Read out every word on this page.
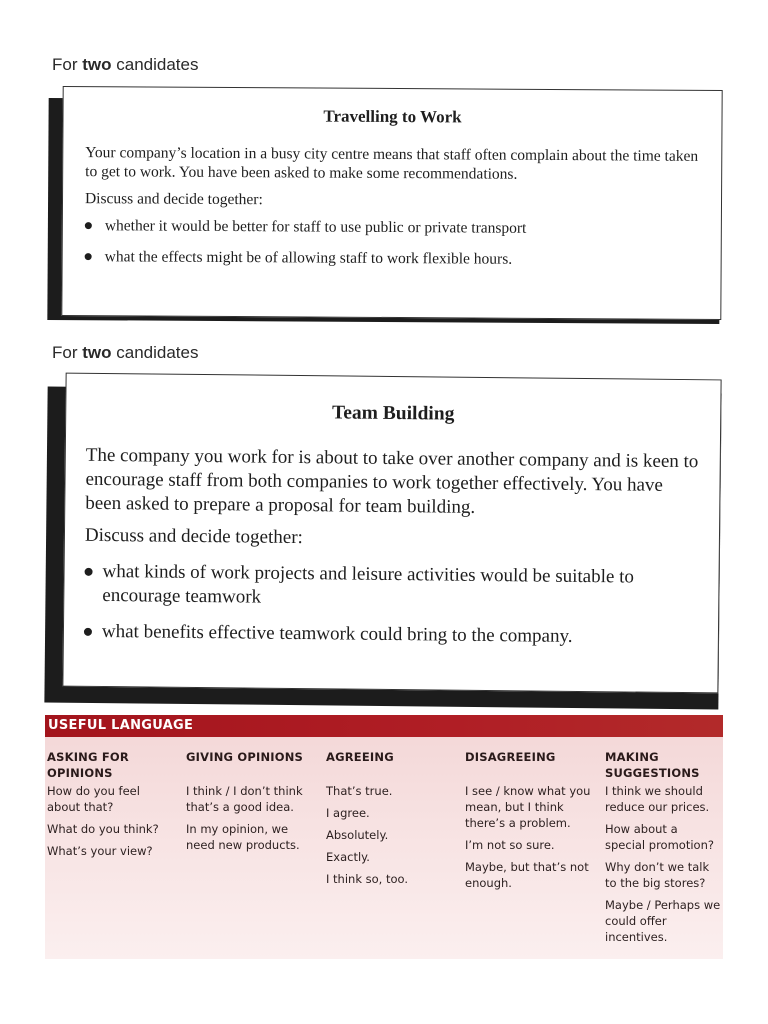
For two candidates
Travelling to Work

Your company’s location in a busy city centre means that staff often complain about the time taken to get to work. You have been asked to make some recommendations.

Discuss and decide together:

whether it would be better for staff to use public or private transport
what the effects might be of allowing staff to work flexible hours.
For two candidates
Team Building

The company you work for is about to take over another company and is keen to encourage staff from both companies to work together effectively. You have been asked to prepare a proposal for team building.

Discuss and decide together:

what kinds of work projects and leisure activities would be suitable to encourage teamwork
what benefits effective teamwork could bring to the company.
USEFUL LANGUAGE
ASKING FOR OPINIONS
How do you feel about that?
What do you think?
What’s your view?
GIVING OPINIONS
I think / I don’t think that’s a good idea.
In my opinion, we need new products.
AGREEING
That’s true.
I agree.
Absolutely.
Exactly.
I think so, too.
DISAGREEING
I see / know what you mean, but I think there’s a problem.
I’m not so sure.
Maybe, but that’s not enough.
MAKING SUGGESTIONS
I think we should reduce our prices.
How about a special promotion?
Why don’t we talk to the big stores?
Maybe / Perhaps we could offer incentives.
